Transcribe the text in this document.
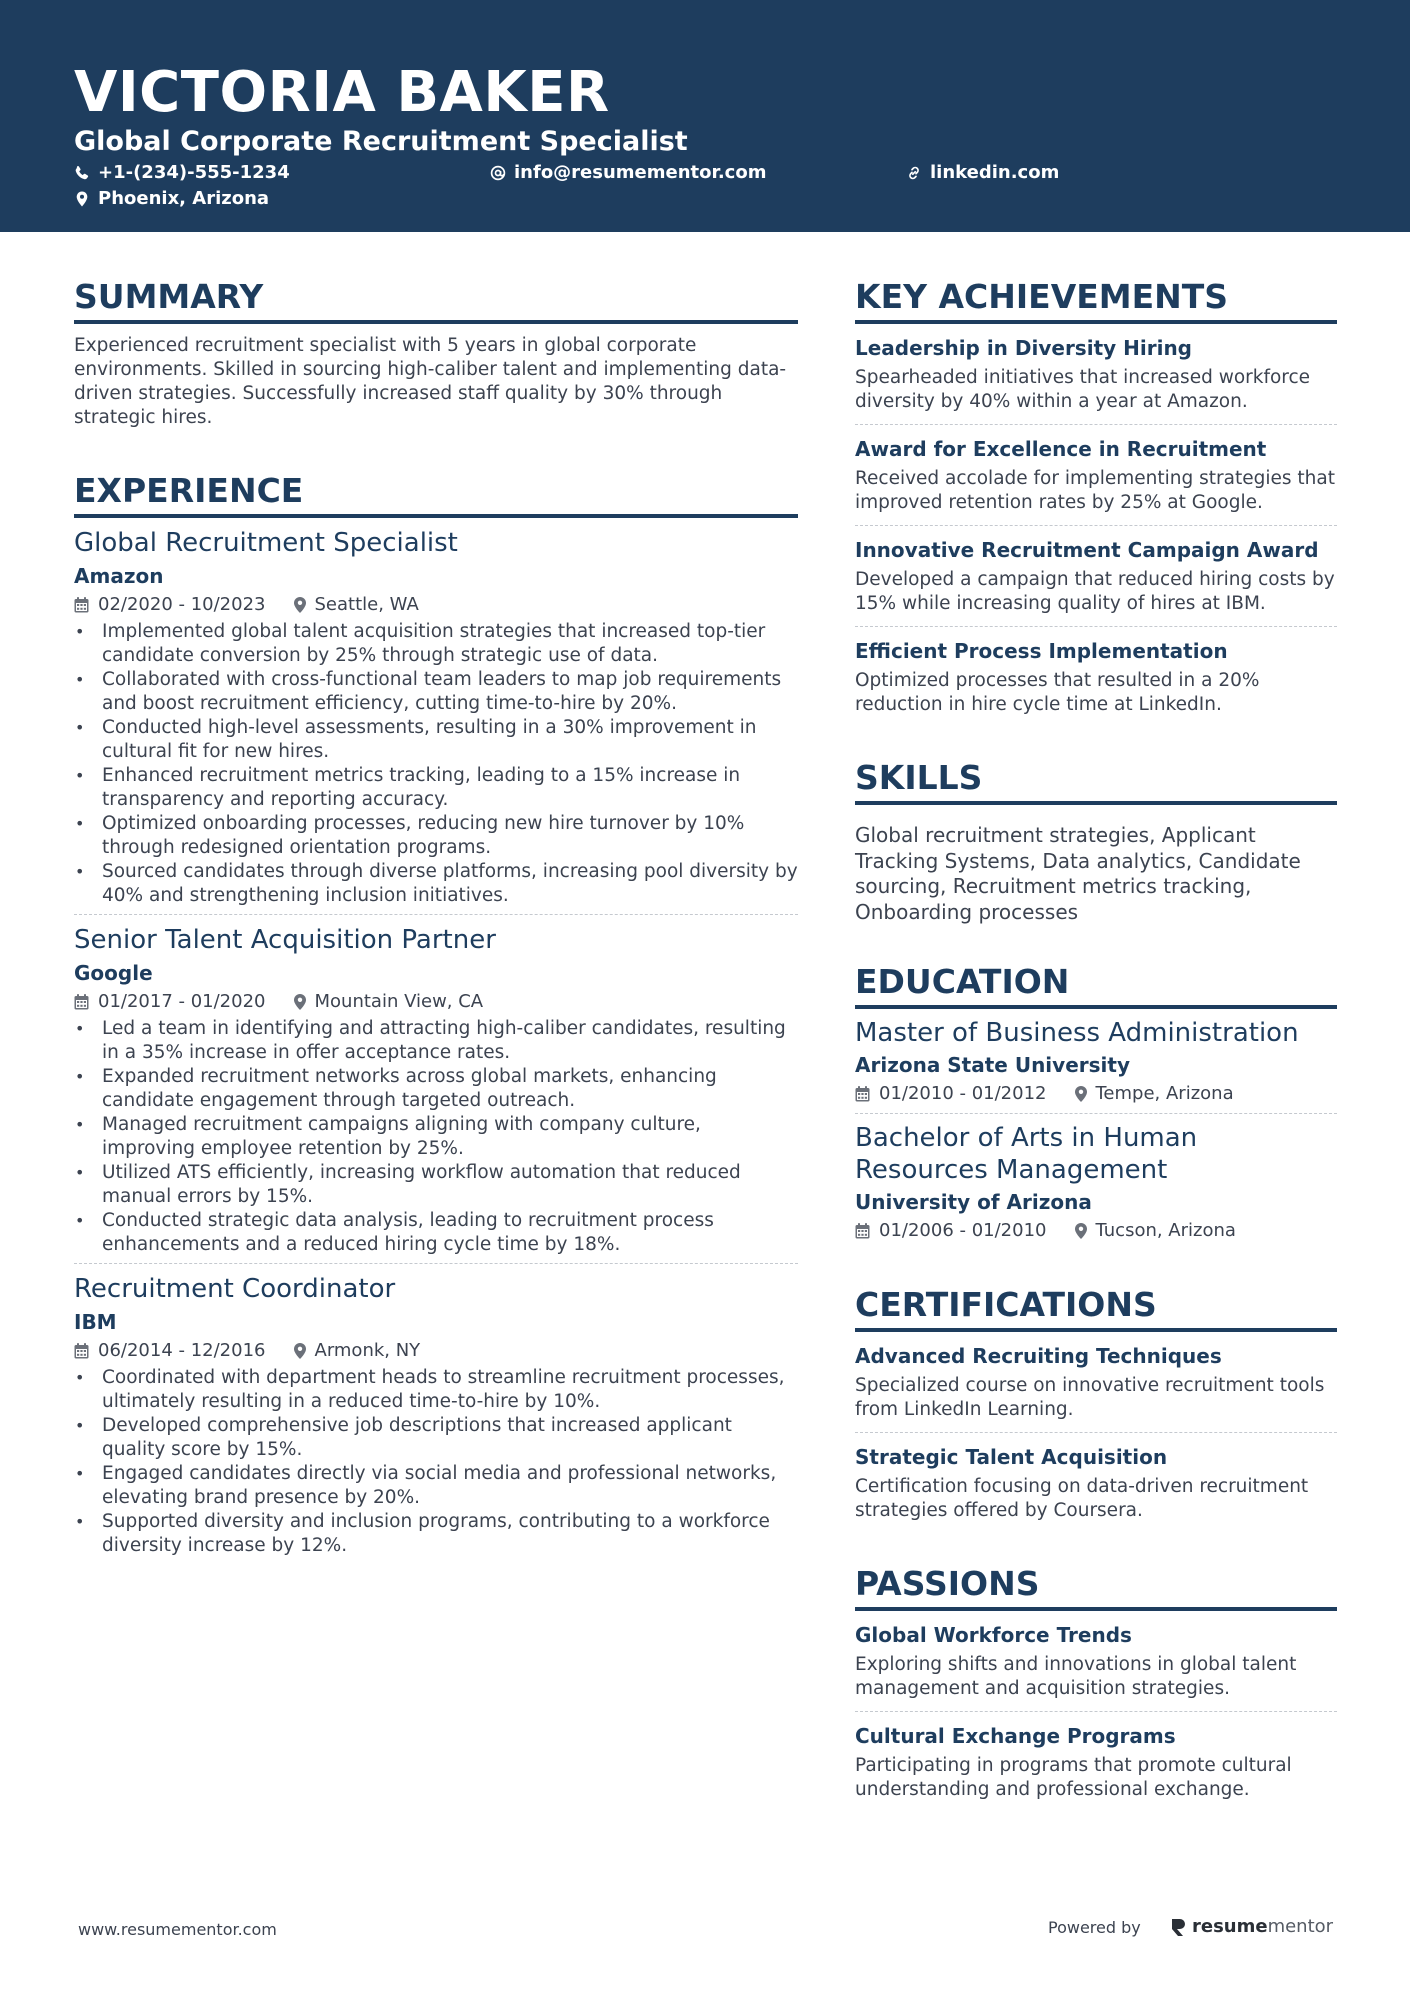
VICTORIA BAKER
Global Corporate Recruitment Specialist
+1-(234)-555-1234	info@resumementor.com	linkedin.com
Phoenix, Arizona
SUMMARY
Experienced recruitment specialist with 5 years in global corporate environments. Skilled in sourcing high-caliber talent and implementing data-driven strategies. Successfully increased staff quality by 30% through strategic hires.
EXPERIENCE
Global Recruitment Specialist
Amazon
02/2020 - 10/2023	Seattle, WA
• Implemented global talent acquisition strategies that increased top-tier candidate conversion by 25% through strategic use of data.
• Collaborated with cross-functional team leaders to map job requirements and boost recruitment efficiency, cutting time-to-hire by 20%.
• Conducted high-level assessments, resulting in a 30% improvement in cultural fit for new hires.
• Enhanced recruitment metrics tracking, leading to a 15% increase in transparency and reporting accuracy.
• Optimized onboarding processes, reducing new hire turnover by 10% through redesigned orientation programs.
• Sourced candidates through diverse platforms, increasing pool diversity by 40% and strengthening inclusion initiatives.
Senior Talent Acquisition Partner
Google
01/2017 - 01/2020	Mountain View, CA
• Led a team in identifying and attracting high-caliber candidates, resulting in a 35% increase in offer acceptance rates.
• Expanded recruitment networks across global markets, enhancing candidate engagement through targeted outreach.
• Managed recruitment campaigns aligning with company culture, improving employee retention by 25%.
• Utilized ATS efficiently, increasing workflow automation that reduced manual errors by 15%.
• Conducted strategic data analysis, leading to recruitment process enhancements and a reduced hiring cycle time by 18%.
Recruitment Coordinator
IBM
06/2014 - 12/2016	Armonk, NY
• Coordinated with department heads to streamline recruitment processes, ultimately resulting in a reduced time-to-hire by 10%.
• Developed comprehensive job descriptions that increased applicant quality score by 15%.
• Engaged candidates directly via social media and professional networks, elevating brand presence by 20%.
• Supported diversity and inclusion programs, contributing to a workforce diversity increase by 12%.
KEY ACHIEVEMENTS
Leadership in Diversity Hiring
Spearheaded initiatives that increased workforce diversity by 40% within a year at Amazon.
Award for Excellence in Recruitment
Received accolade for implementing strategies that improved retention rates by 25% at Google.
Innovative Recruitment Campaign Award
Developed a campaign that reduced hiring costs by 15% while increasing quality of hires at IBM.
Efficient Process Implementation
Optimized processes that resulted in a 20% reduction in hire cycle time at LinkedIn.
SKILLS
Global recruitment strategies, Applicant Tracking Systems, Data analytics, Candidate sourcing, Recruitment metrics tracking, Onboarding processes
EDUCATION
Master of Business Administration
Arizona State University
01/2010 - 01/2012	Tempe, Arizona
Bachelor of Arts in Human Resources Management
University of Arizona
01/2006 - 01/2010	Tucson, Arizona
CERTIFICATIONS
Advanced Recruiting Techniques
Specialized course on innovative recruitment tools from LinkedIn Learning.
Strategic Talent Acquisition
Certification focusing on data-driven recruitment strategies offered by Coursera.
PASSIONS
Global Workforce Trends
Exploring shifts and innovations in global talent management and acquisition strategies.
Cultural Exchange Programs
Participating in programs that promote cultural understanding and professional exchange.
www.resumementor.com	Powered by	resumementor
